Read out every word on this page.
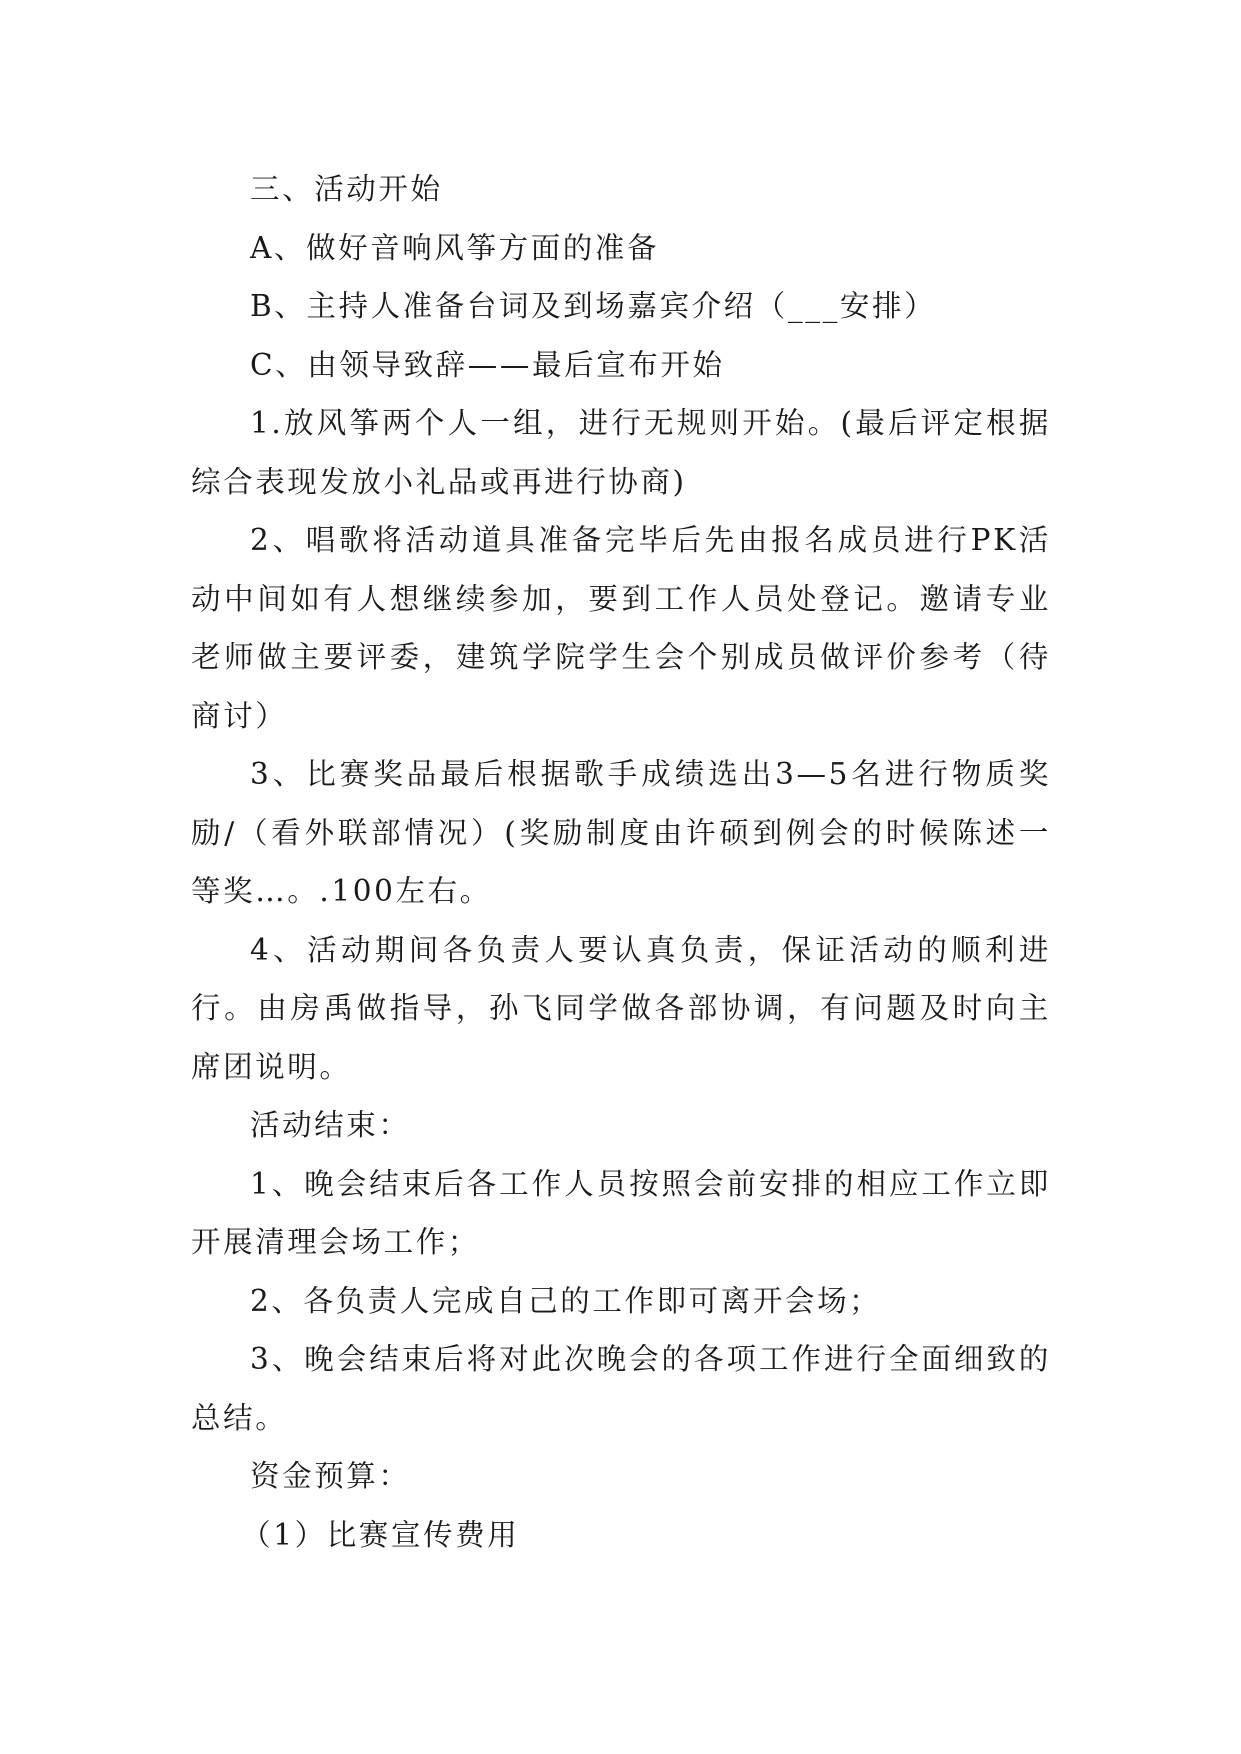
三、活动开始

A、做好音响风筝方面的准备

B、主持人准备台词及到场嘉宾介绍（___安排）

C、由领导致辞——最后宣布开始

1.放风筝两个人一组，进行无规则开始。(最后评定根据综合表现发放小礼品或再进行协商)

2、唱歌将活动道具准备完毕后先由报名成员进行PK活动中间如有人想继续参加，要到工作人员处登记。邀请专业老师做主要评委，建筑学院学生会个别成员做评价参考（待商讨）

3、比赛奖品最后根据歌手成绩选出3—5名进行物质奖励/（看外联部情况）(奖励制度由许硕到例会的时候陈述一等奖…。.100左右。

4、活动期间各负责人要认真负责，保证活动的顺利进行。由房禹做指导，孙飞同学做各部协调，有问题及时向主席团说明。

活动结束：

1、晚会结束后各工作人员按照会前安排的相应工作立即开展清理会场工作；

2、各负责人完成自己的工作即可离开会场；

3、晚会结束后将对此次晚会的各项工作进行全面细致的总结。

资金预算：

（1）比赛宣传费用
